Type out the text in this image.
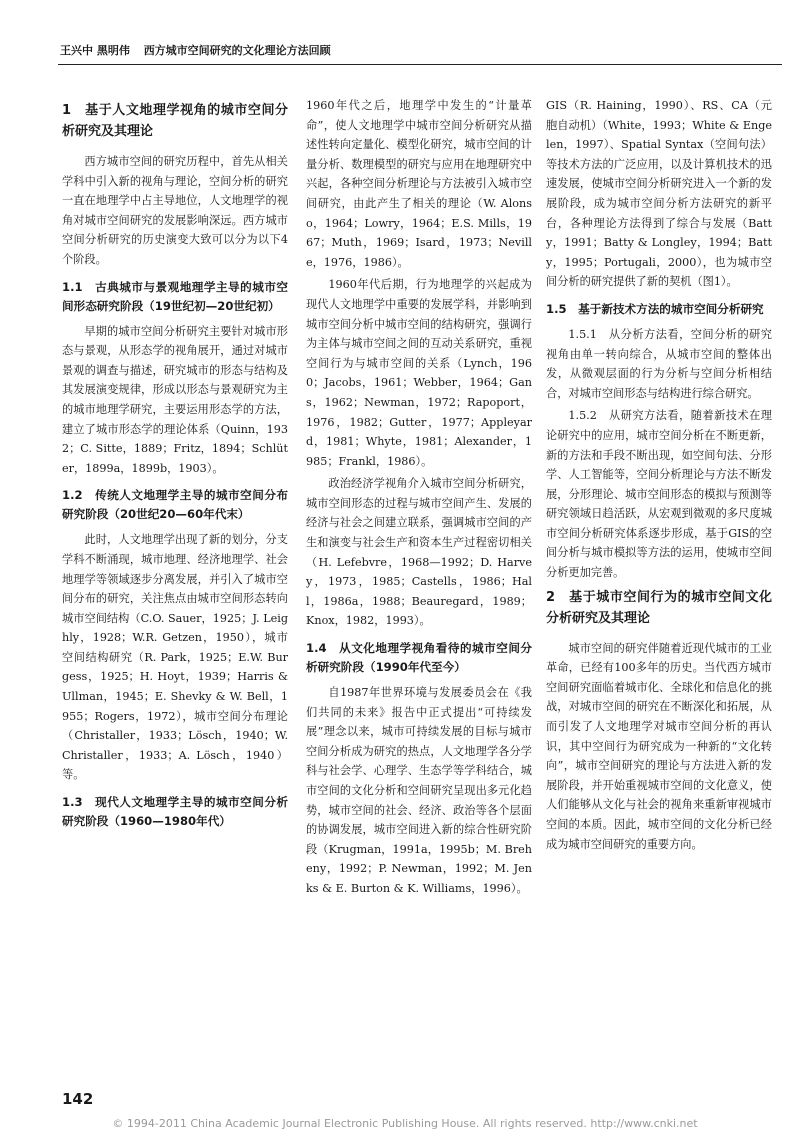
王兴中 黑明伟 西方城市空间研究的文化理论方法回顾
1　基于人文地理学视角的城市空间分析研究及其理论

西方城市空间的研究历程中，首先从相关学科中引入新的视角与理论，空间分析的研究一直在地理学中占主导地位，人文地理学的视角对城市空间研究的发展影响深远。西方城市空间分析研究的历史演变大致可以分为以下4个阶段。

1.1　古典城市与景观地理学主导的城市空间形态研究阶段（19世纪初—20世纪初）

早期的城市空间分析研究主要针对城市形态与景观，从形态学的视角展开，通过对城市景观的调查与描述，研究城市的形态与结构及其发展演变规律，形成以形态与景观研究为主的城市地理学研究，主要运用形态学的方法，建立了城市形态学的理论体系（Quinn，1932；C. Sitte，1889；Fritz，1894；Schlüter，1899a，1899b，1903）。

1.2　传统人文地理学主导的城市空间分布研究阶段（20世纪20—60年代末）

此时，人文地理学出现了新的划分，分支学科不断涌现，城市地理、经济地理学、社会地理学等领域逐步分离发展，并引入了城市空间分布的研究，关注焦点由城市空间形态转向城市空间结构（C.O. Sauer，1925；J. Leighly，1928；W.R. Getzen，1950），城市空间结构研究（R. Park，1925；E.W. Burgess，1925；H. Hoyt，1939；Harris & Ullman，1945；E. Shevky & W. Bell，1955；Rogers，1972），城市空间分布理论（Christaller，1933；Lösch，1940；W. Christaller，1933；A. Lösch，1940）等。

1.3　现代人文地理学主导的城市空间分析研究阶段（1960—1980年代）

1960年代之后，地理学中发生的“计量革命”，使人文地理学中城市空间分析研究从描述性转向定量化、模型化研究，城市空间的计量分析、数理模型的研究与应用在地理研究中兴起，各种空间分析理论与方法被引入城市空间研究，由此产生了相关的理论（W. Alonso，1964；Lowry，1964；E.S. Mills，1967；Muth，1969；Isard，1973；Neville，1976，1986）。

1960年代后期，行为地理学的兴起成为现代人文地理学中重要的发展学科，并影响到城市空间分析中城市空间的结构研究，强调行为主体与城市空间之间的互动关系研究，重视空间行为与城市空间的关系（Lynch，1960；Jacobs，1961；Webber，1964；Gans，1962；Newman，1972；Rapoport，1976，1982；Gutter，1977；Appleyard，1981；Whyte，1981；Alexander，1985；Frankl，1986）。

政治经济学视角介入城市空间分析研究，城市空间形态的过程与城市空间产生、发展的经济与社会之间建立联系，强调城市空间的产生和演变与社会生产和资本生产过程密切相关（H. Lefebvre，1968—1992；D. Harvey，1973，1985；Castells，1986；Hall，1986a，1988；Beauregard，1989；Knox，1982，1993）。

1.4　从文化地理学视角看待的城市空间分析研究阶段（1990年代至今）

自1987年世界环境与发展委员会在《我们共同的未来》报告中正式提出“可持续发展”理念以来，城市可持续发展的目标与城市空间分析成为研究的热点，人文地理学各分学科与社会学、心理学、生态学等学科结合，城市空间的文化分析和空间研究呈现出多元化趋势，城市空间的社会、经济、政治等各个层面的协调发展，城市空间进入新的综合性研究阶段（Krugman，1991a，1995b；M. Breheny，1992；P. Newman，1992；M. Jenks & E. Burton & K. Williams，1996）。

GIS（R. Haining，1990）、RS、CA（元胞自动机）（White，1993；White & Engelen，1997）、Spatial Syntax（空间句法）等技术方法的广泛应用，以及计算机技术的迅速发展，使城市空间分析研究进入一个新的发展阶段，成为城市空间分析方法研究的新平台，各种理论方法得到了综合与发展（Batty，1991；Batty & Longley，1994；Batty，1995；Portugali，2000），也为城市空间分析的研究提供了新的契机（图1）。

1.5　基于新技术方法的城市空间分析研究

1.5.1　从分析方法看，空间分析的研究视角由单一转向综合，从城市空间的整体出发，从微观层面的行为分析与空间分析相结合，对城市空间形态与结构进行综合研究。

1.5.2　从研究方法看，随着新技术在理论研究中的应用，城市空间分析在不断更新，新的方法和手段不断出现，如空间句法、分形学、人工智能等，空间分析理论与方法不断发展，分形理论、城市空间形态的模拟与预测等研究领域日趋活跃，从宏观到微观的多尺度城市空间分析研究体系逐步形成，基于GIS的空间分析与城市模拟等方法的运用，使城市空间分析更加完善。

2　基于城市空间行为的城市空间文化分析研究及其理论

城市空间的研究伴随着近现代城市的工业革命，已经有100多年的历史。当代西方城市空间研究面临着城市化、全球化和信息化的挑战，对城市空间的研究在不断深化和拓展，从而引发了人文地理学对城市空间分析的再认识，其中空间行为研究成为一种新的“文化转向”，城市空间研究的理论与方法进入新的发展阶段，并开始重视城市空间的文化意义，使人们能够从文化与社会的视角来重新审视城市空间的本质。因此，城市空间的文化分析已经成为城市空间研究的重要方向。

142
© 1994-2011 China Academic Journal Electronic Publishing House. All rights reserved. http://www.cnki.net
